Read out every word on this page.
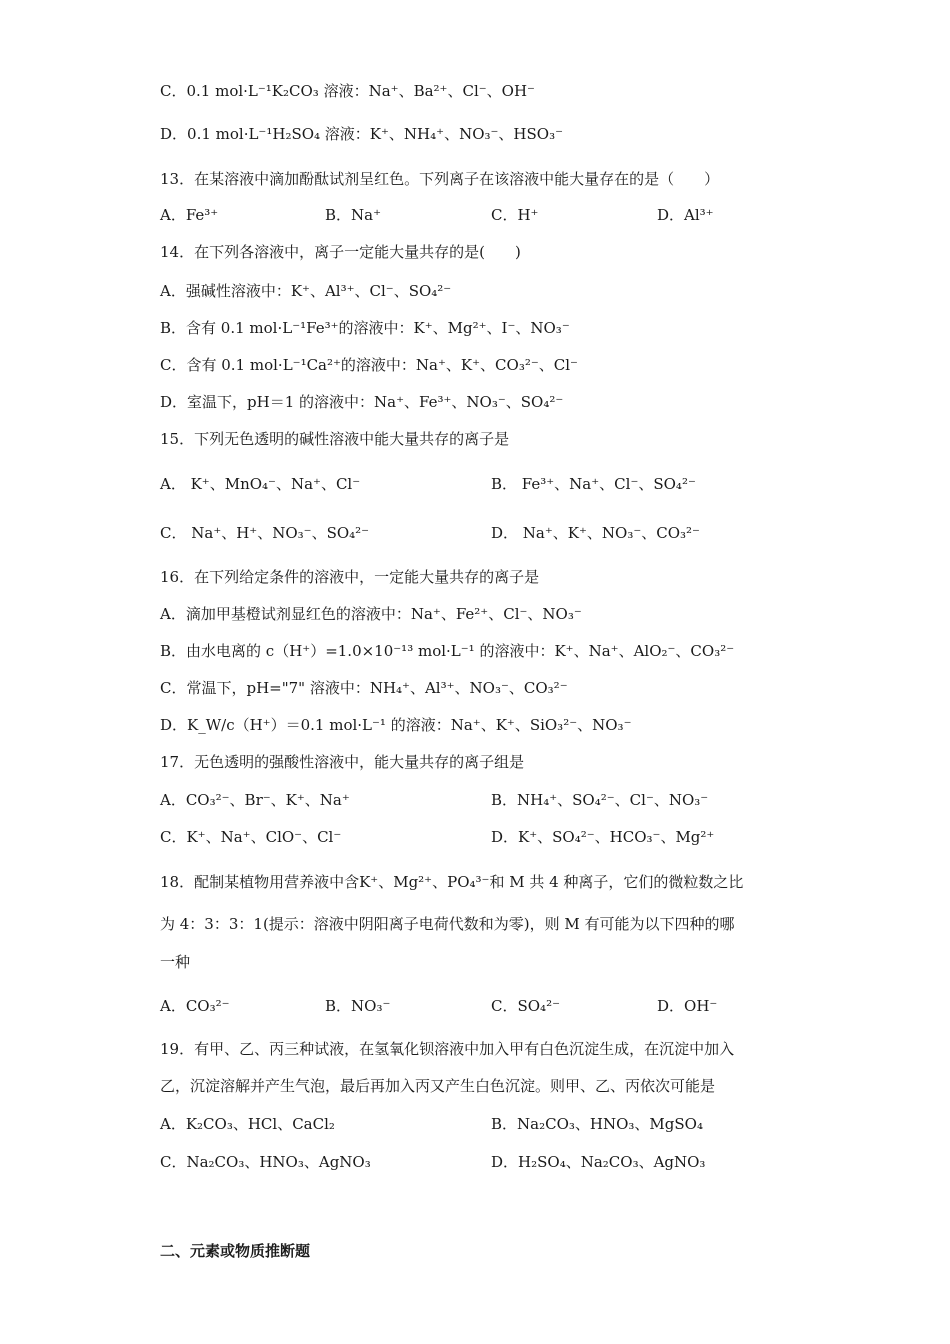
C．0.1 mol·L⁻¹K₂CO₃ 溶液：Na⁺、Ba²⁺、Cl⁻、OH⁻
D．0.1 mol·L⁻¹H₂SO₄ 溶液：K⁺、NH₄⁺、NO₃⁻、HSO₃⁻
13．在某溶液中滴加酚酞试剂呈红色。下列离子在该溶液中能大量存在的是（　　）
A．Fe³⁺	B．Na⁺	C．H⁺	D．Al³⁺
14．在下列各溶液中，离子一定能大量共存的是(　　)
A．强碱性溶液中：K⁺、Al³⁺、Cl⁻、SO₄²⁻
B．含有 0.1 mol·L⁻¹Fe³⁺的溶液中：K⁺、Mg²⁺、I⁻、NO₃⁻
C．含有 0.1 mol·L⁻¹Ca²⁺的溶液中：Na⁺、K⁺、CO₃²⁻、Cl⁻
D．室温下，pH＝1 的溶液中：Na⁺、Fe³⁺、NO₃⁻、SO₄²⁻
15．下列无色透明的碱性溶液中能大量共存的离子是
A． K⁺、MnO₄⁻、Na⁺、Cl⁻	B． Fe³⁺、Na⁺、Cl⁻、SO₄²⁻
C． Na⁺、H⁺、NO₃⁻、SO₄²⁻	D． Na⁺、K⁺、NO₃⁻、CO₃²⁻
16．在下列给定条件的溶液中，一定能大量共存的离子是
A．滴加甲基橙试剂显红色的溶液中：Na⁺、Fe²⁺、Cl⁻、NO₃⁻
B．由水电离的 c（H⁺）=1.0×10⁻¹³ mol·L⁻¹ 的溶液中：K⁺、Na⁺、AlO₂⁻、CO₃²⁻
C．常温下，pH="7" 溶液中：NH₄⁺、Al³⁺、NO₃⁻、CO₃²⁻
D．K_W/c（H⁺）＝0.1 mol·L⁻¹ 的溶液：Na⁺、K⁺、SiO₃²⁻、NO₃⁻
17．无色透明的强酸性溶液中，能大量共存的离子组是
A．CO₃²⁻、Br⁻、K⁺、Na⁺	B．NH₄⁺、SO₄²⁻、Cl⁻、NO₃⁻
C．K⁺、Na⁺、ClO⁻、Cl⁻	D．K⁺、SO₄²⁻、HCO₃⁻、Mg²⁺
18．配制某植物用营养液中含K⁺、Mg²⁺、PO₄³⁻和 M 共 4 种离子，它们的微粒数之比
为 4：3：3：1(提示：溶液中阴阳离子电荷代数和为零)，则 M 有可能为以下四种的哪
一种
A．CO₃²⁻	B．NO₃⁻	C．SO₄²⁻	D．OH⁻
19．有甲、乙、丙三种试液，在氢氧化钡溶液中加入甲有白色沉淀生成，在沉淀中加入
乙，沉淀溶解并产生气泡，最后再加入丙又产生白色沉淀。则甲、乙、丙依次可能是
A．K₂CO₃、HCl、CaCl₂	B．Na₂CO₃、HNO₃、MgSO₄
C．Na₂CO₃、HNO₃、AgNO₃	D．H₂SO₄、Na₂CO₃、AgNO₃
二、元素或物质推断题
